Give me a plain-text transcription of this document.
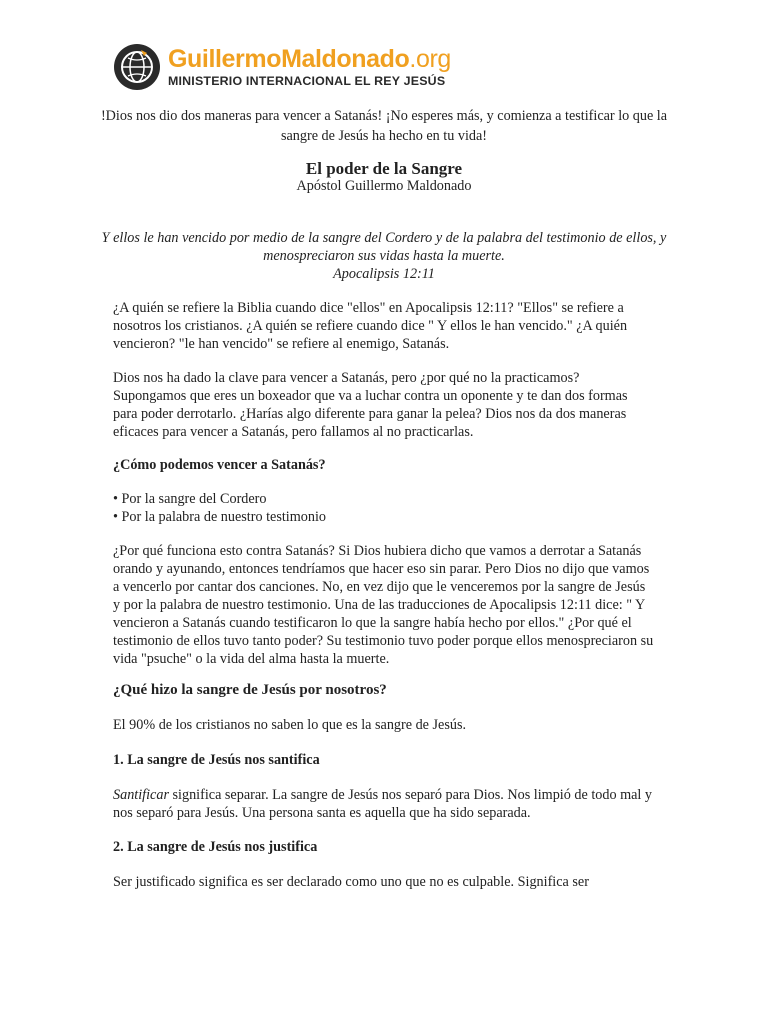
GuillermoMaldonado.org
MINISTERIO INTERNACIONAL EL REY JESÚS
!Dios nos dio dos maneras para vencer a Satanás! ¡No esperes más, y comienza a testificar lo que la sangre de Jesús ha hecho en tu vida!
El poder de la Sangre
Apóstol Guillermo Maldonado
Y ellos le han vencido por medio de la sangre del Cordero y de la palabra del testimonio de ellos, y menospreciaron sus vidas hasta la muerte.
Apocalipsis 12:11
¿A quién se refiere la Biblia cuando dice "ellos" en Apocalipsis 12:11? "Ellos" se refiere a nosotros los cristianos. ¿A quién se refiere cuando dice " Y ellos le han vencido." ¿A quién vencieron? "le han vencido" se refiere al enemigo, Satanás.
Dios nos ha dado la clave para vencer a Satanás, pero ¿por qué no la practicamos? Supongamos que eres un boxeador que va a luchar contra un oponente y te dan dos formas para poder derrotarlo. ¿Harías algo diferente para ganar la pelea? Dios nos da dos maneras eficaces para vencer a Satanás, pero fallamos al no practicarlas.
¿Cómo podemos vencer a Satanás?
• Por la sangre del Cordero
• Por la palabra de nuestro testimonio
¿Por qué funciona esto contra Satanás? Si Dios hubiera dicho que vamos a derrotar a Satanás orando y ayunando, entonces tendríamos que hacer eso sin parar. Pero Dios no dijo que vamos a vencerlo por cantar dos canciones. No, en vez dijo que le venceremos por la sangre de Jesús y por la palabra de nuestro testimonio. Una de las traducciones de Apocalipsis 12:11 dice: " Y vencieron a Satanás cuando testificaron lo que la sangre había hecho por ellos." ¿Por qué el testimonio de ellos tuvo tanto poder? Su testimonio tuvo poder porque ellos menospreciaron su vida "psuche" o la vida del alma hasta la muerte.
¿Qué hizo la sangre de Jesús por nosotros?
El 90% de los cristianos no saben lo que es la sangre de Jesús.
1. La sangre de Jesús nos santifica
Santificar significa separar. La sangre de Jesús nos separó para Dios. Nos limpió de todo mal y nos separó para Jesús. Una persona santa es aquella que ha sido separada.
2. La sangre de Jesús nos justifica
Ser justificado significa es ser declarado como uno que no es culpable. Significa ser
